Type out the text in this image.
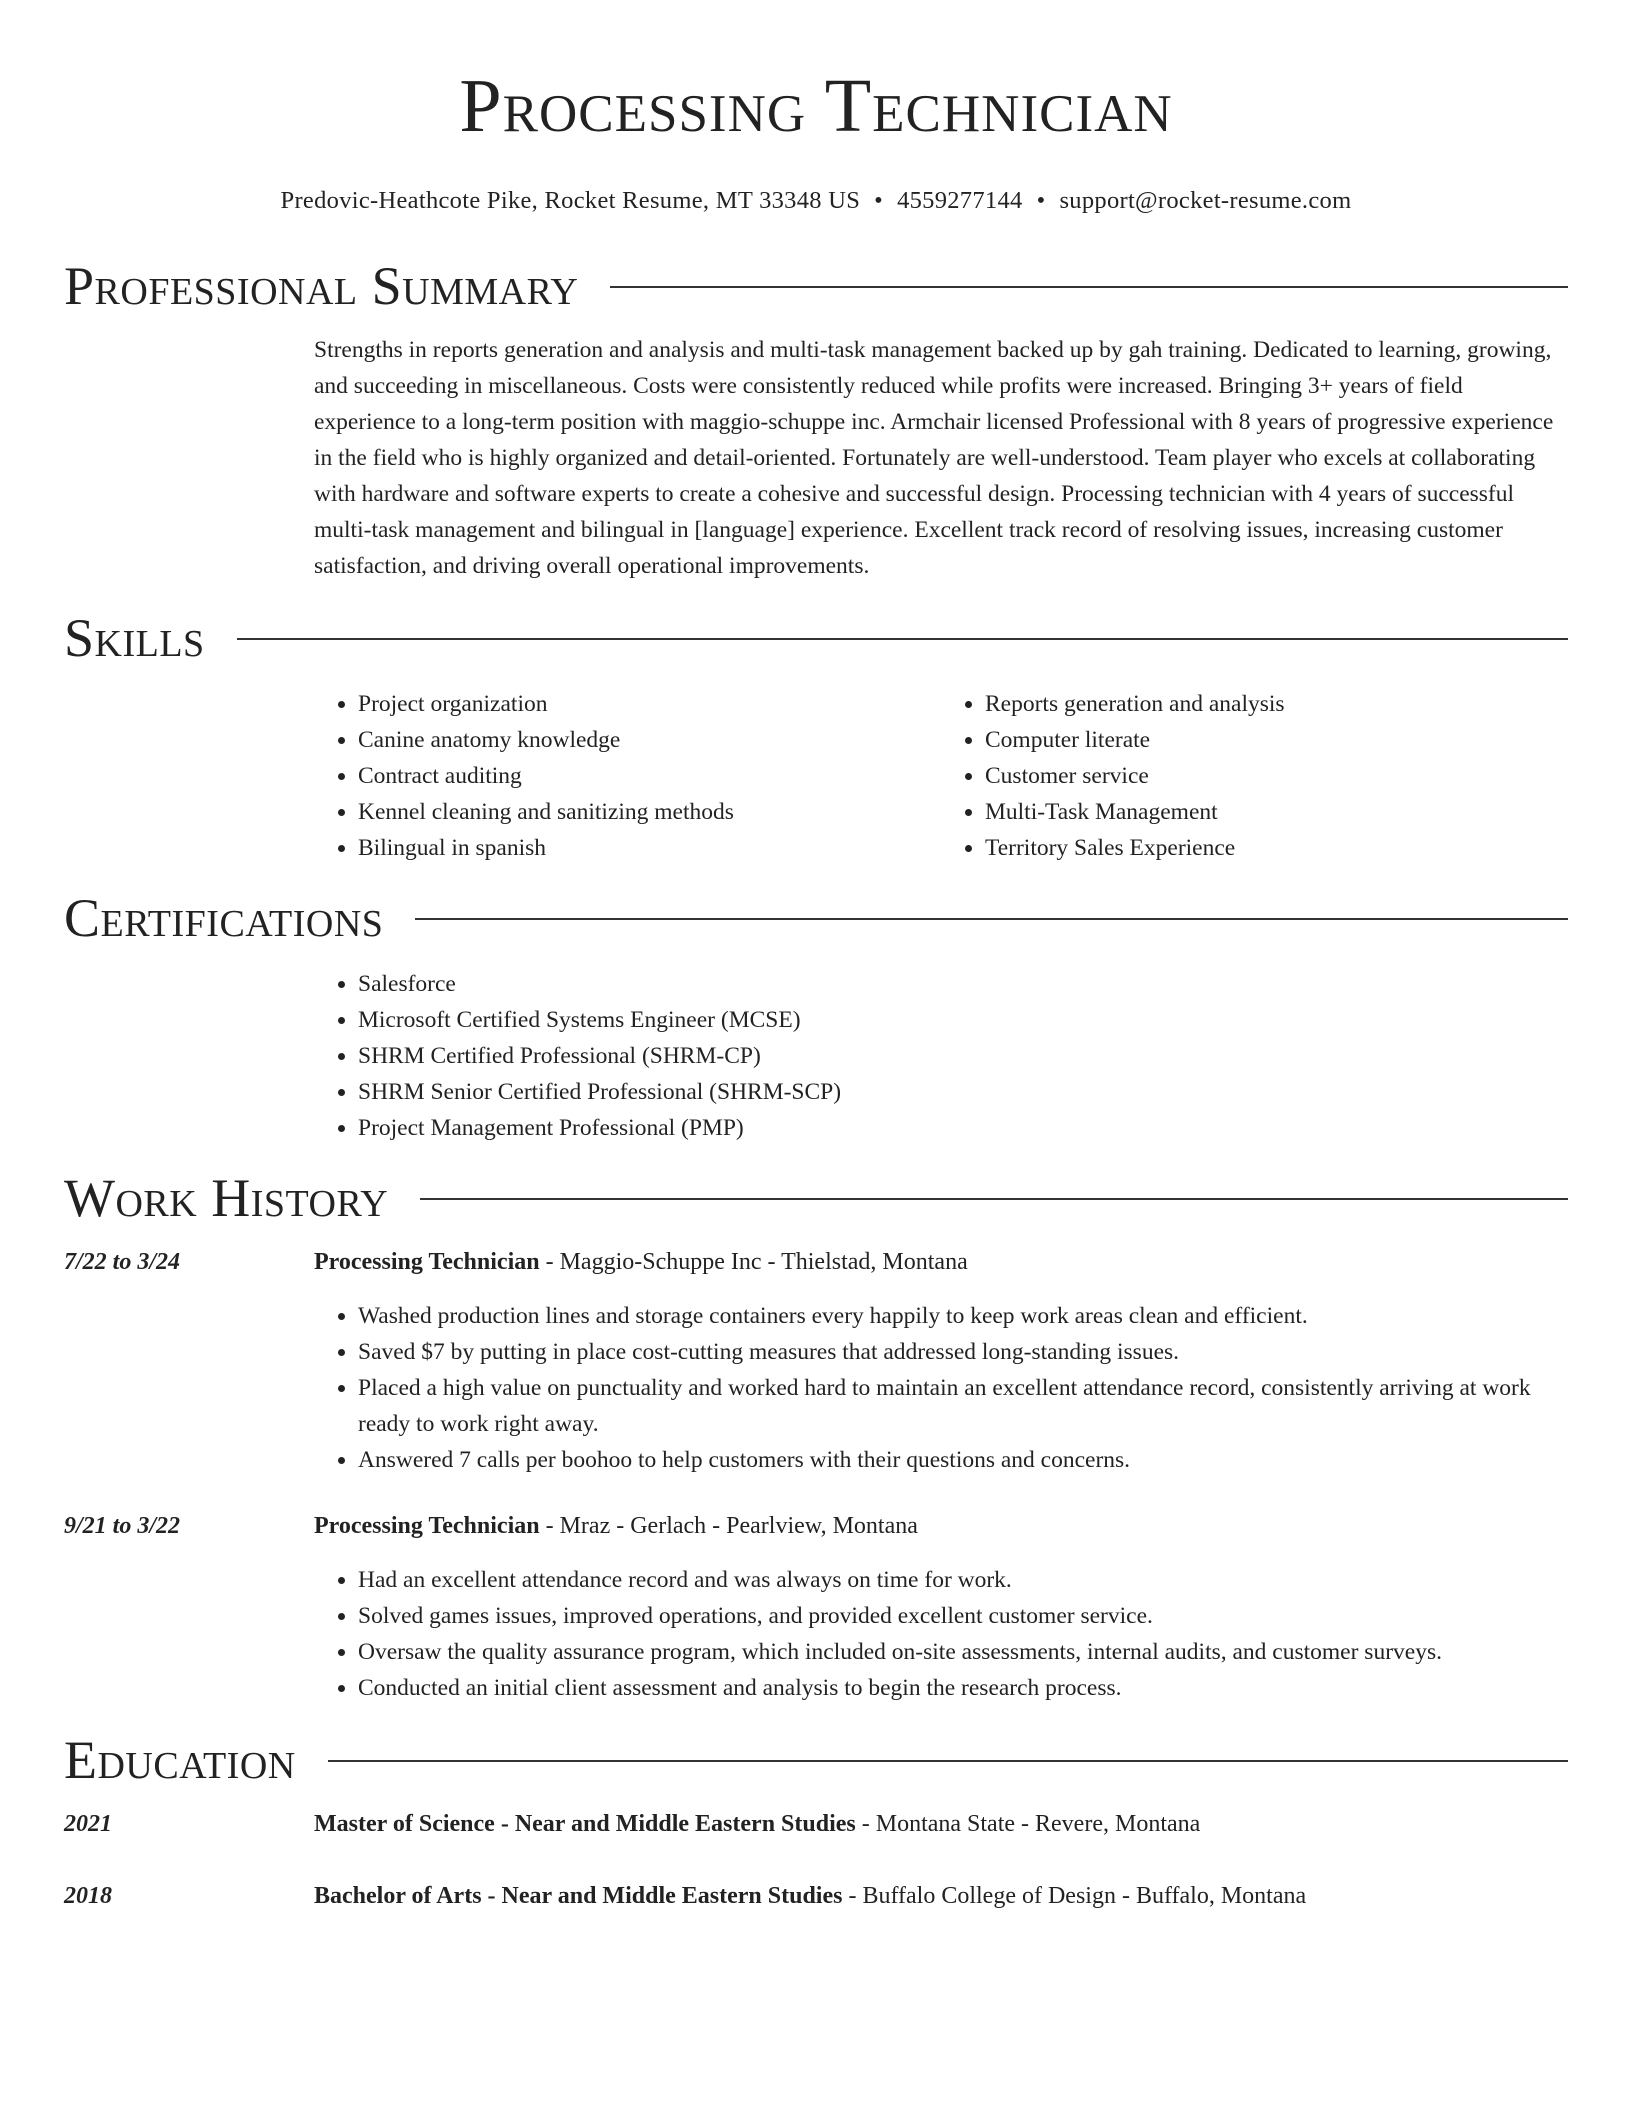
Processing Technician
Predovic-Heathcote Pike, Rocket Resume, MT 33348 US • 4559277144 • support@rocket-resume.com
Professional Summary

Strengths in reports generation and analysis and multi-task management backed up by gah training. Dedicated to learning, growing, and succeeding in miscellaneous. Costs were consistently reduced while profits were increased. Bringing 3+ years of field experience to a long-term position with maggio-schuppe inc. Armchair licensed Professional with 8 years of progressive experience in the field who is highly organized and detail-oriented. Fortunately are well-understood. Team player who excels at collaborating with hardware and software experts to create a cohesive and successful design. Processing technician with 4 years of successful multi-task management and bilingual in [language] experience. Excellent track record of resolving issues, increasing customer satisfaction, and driving overall operational improvements.

Skills
• Project organization
• Canine anatomy knowledge
• Contract auditing
• Kennel cleaning and sanitizing methods
• Bilingual in spanish
• Reports generation and analysis
• Computer literate
• Customer service
• Multi-Task Management
• Territory Sales Experience
Certifications
• Salesforce
• Microsoft Certified Systems Engineer (MCSE)
• SHRM Certified Professional (SHRM-CP)
• SHRM Senior Certified Professional (SHRM-SCP)
• Project Management Professional (PMP)
Work History
7/22 to 3/24	Processing Technician - Maggio-Schuppe Inc - Thielstad, Montana
• Washed production lines and storage containers every happily to keep work areas clean and efficient.
• Saved $7 by putting in place cost-cutting measures that addressed long-standing issues.
• Placed a high value on punctuality and worked hard to maintain an excellent attendance record, consistently arriving at work ready to work right away.
• Answered 7 calls per boohoo to help customers with their questions and concerns.
9/21 to 3/22	Processing Technician - Mraz - Gerlach - Pearlview, Montana
• Had an excellent attendance record and was always on time for work.
• Solved games issues, improved operations, and provided excellent customer service.
• Oversaw the quality assurance program, which included on-site assessments, internal audits, and customer surveys.
• Conducted an initial client assessment and analysis to begin the research process.
Education
2021	Master of Science - Near and Middle Eastern Studies - Montana State - Revere, Montana
2018	Bachelor of Arts - Near and Middle Eastern Studies - Buffalo College of Design - Buffalo, Montana
